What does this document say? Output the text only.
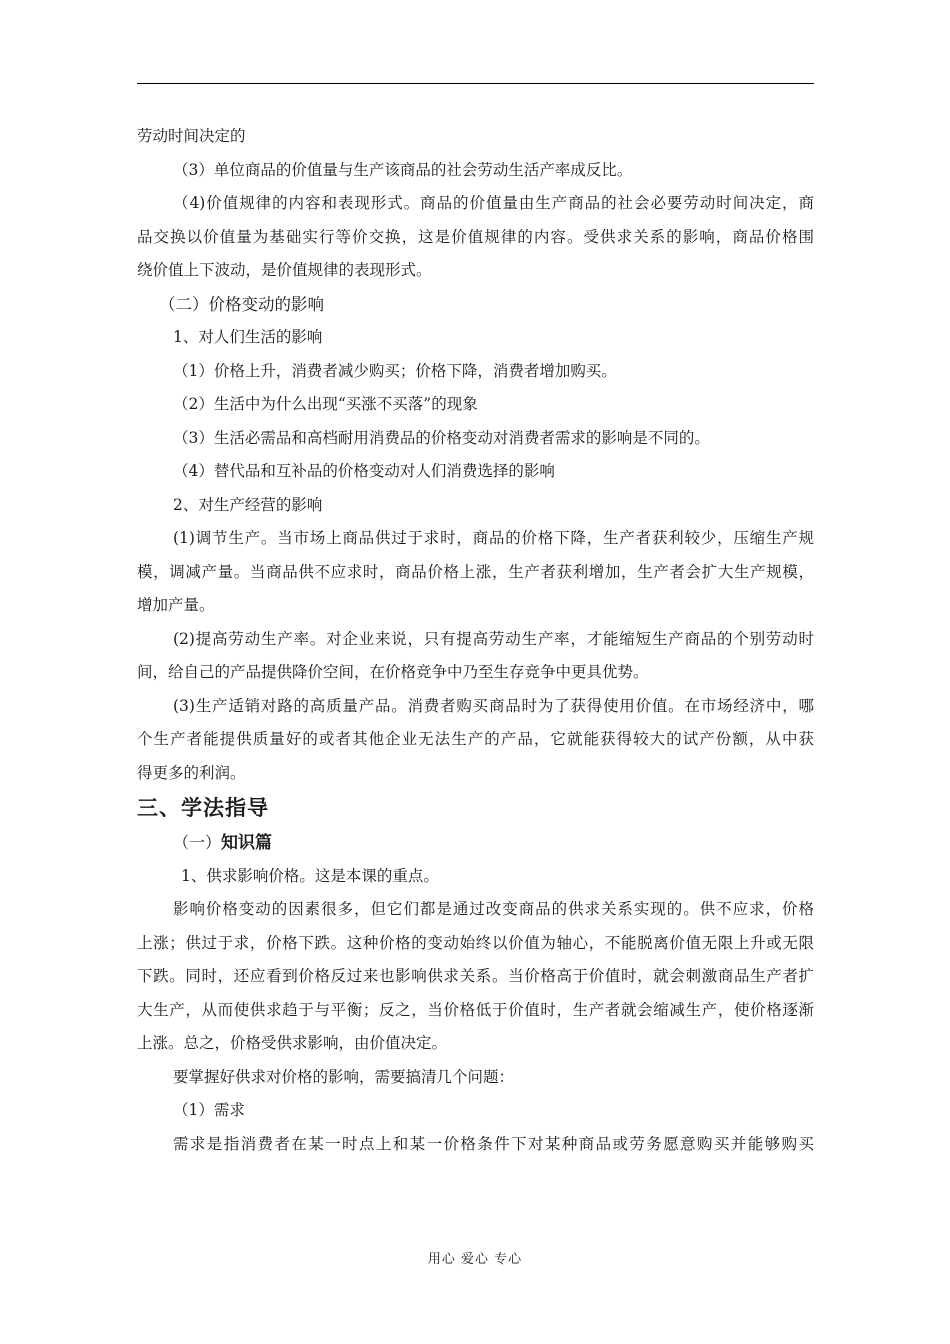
劳动时间决定的
（3）单位商品的价值量与生产该商品的社会劳动生活产率成反比。
（4)价值规律的内容和表现形式。商品的价值量由生产商品的社会必要劳动时间决定，商
品交换以价值量为基础实行等价交换，这是价值规律的内容。受供求关系的影响，商品价格围
绕价值上下波动，是价值规律的表现形式。
（二）价格变动的影响
1、对人们生活的影响
（1）价格上升，消费者减少购买；价格下降，消费者增加购买。
（2）生活中为什么出现“买涨不买落”的现象
（3）生活必需品和高档耐用消费品的价格变动对消费者需求的影响是不同的。
（4）替代品和互补品的价格变动对人们消费选择的影响
2、对生产经营的影响
(1)调节生产。当市场上商品供过于求时，商品的价格下降，生产者获利较少，压缩生产规
模，调减产量。当商品供不应求时，商品价格上涨，生产者获利增加，生产者会扩大生产规模，
增加产量。
(2)提高劳动生产率。对企业来说，只有提高劳动生产率，才能缩短生产商品的个别劳动时
间，给自己的产品提供降价空间，在价格竞争中乃至生存竞争中更具优势。
(3)生产适销对路的高质量产品。消费者购买商品时为了获得使用价值。在市场经济中，哪
个生产者能提供质量好的或者其他企业无法生产的产品，它就能获得较大的试产份额，从中获
得更多的利润。
三、学法指导
（一）知识篇
1、供求影响价格。这是本课的重点。
影响价格变动的因素很多，但它们都是通过改变商品的供求关系实现的。供不应求，价格
上涨；供过于求，价格下跌。这种价格的变动始终以价值为轴心，不能脱离价值无限上升或无限
下跌。同时，还应看到价格反过来也影响供求关系。当价格高于价值时，就会刺激商品生产者扩
大生产，从而使供求趋于与平衡；反之，当价格低于价值时，生产者就会缩减生产，使价格逐渐
上涨。总之，价格受供求影响，由价值决定。
要掌握好供求对价格的影响，需要搞清几个问题：
（1）需求
需求是指消费者在某一时点上和某一价格条件下对某种商品或劳务愿意购买并能够购买
用心 爱心 专心
